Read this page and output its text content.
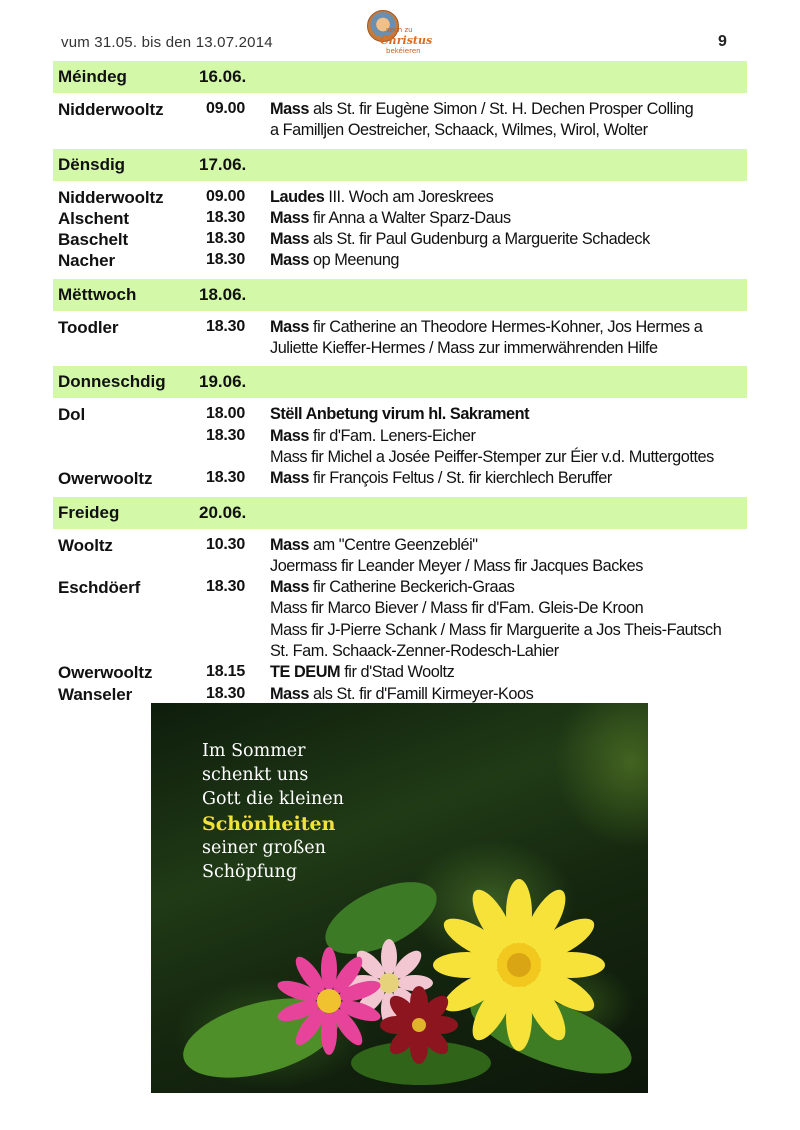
vum 31.05. bis den 13.07.2014
sech zu
Christus
bekéieren
9
Méindeg	16.06.
Nidderwooltz	09.00 Mass als St. fir Eugène Simon / St. H. Dechen Prosper Colling
a Familljen Oestreicher, Schaack, Wilmes, Wirol, Wolter
Dënsdig	17.06.
Nidderwooltz	09.00 Laudes III. Woch am Joreskrees
Alschent	18.30 Mass fir Anna a Walter Sparz-Daus
Baschelt	18.30 Mass als St. fir Paul Gudenburg a Marguerite Schadeck
Nacher	18.30 Mass op Meenung
Mëttwoch	18.06.
Toodler	18.30 Mass fir Catherine an Theodore Hermes-Kohner, Jos Hermes a
Juliette Kieffer-Hermes / Mass zur immerwährenden Hilfe
Donneschdig 19.06.
Dol	18.00 Stëll Anbetung virum hl. Sakrament
18.30 Mass fir d'Fam. Leners-Eicher
Mass fir Michel a Josée Peiffer-Stemper zur Éier v.d. Muttergottes
Owerwooltz	18.30 Mass fir François Feltus / St. fir kierchlech Beruffer
Freideg	20.06.
Wooltz	10.30 Mass am "Centre Geenzebléi"
Joermass fir Leander Meyer / Mass fir Jacques Backes
Eschdöerf	18.30 Mass fir Catherine Beckerich-Graas
Mass fir Marco Biever / Mass fir d'Fam. Gleis-De Kroon
Mass fir J-Pierre Schank / Mass fir Marguerite a Jos Theis-Fautsch
St. Fam. Schaack-Zenner-Rodesch-Lahier
Owerwooltz	18.15 TE DEUM fir d'Stad Wooltz
Wanseler	18.30 Mass als St. fir d'Famill Kirmeyer-Koos
Im Sommer
schenkt uns
Gott die kleinen
Schönheiten
seiner großen
Schöpfung
